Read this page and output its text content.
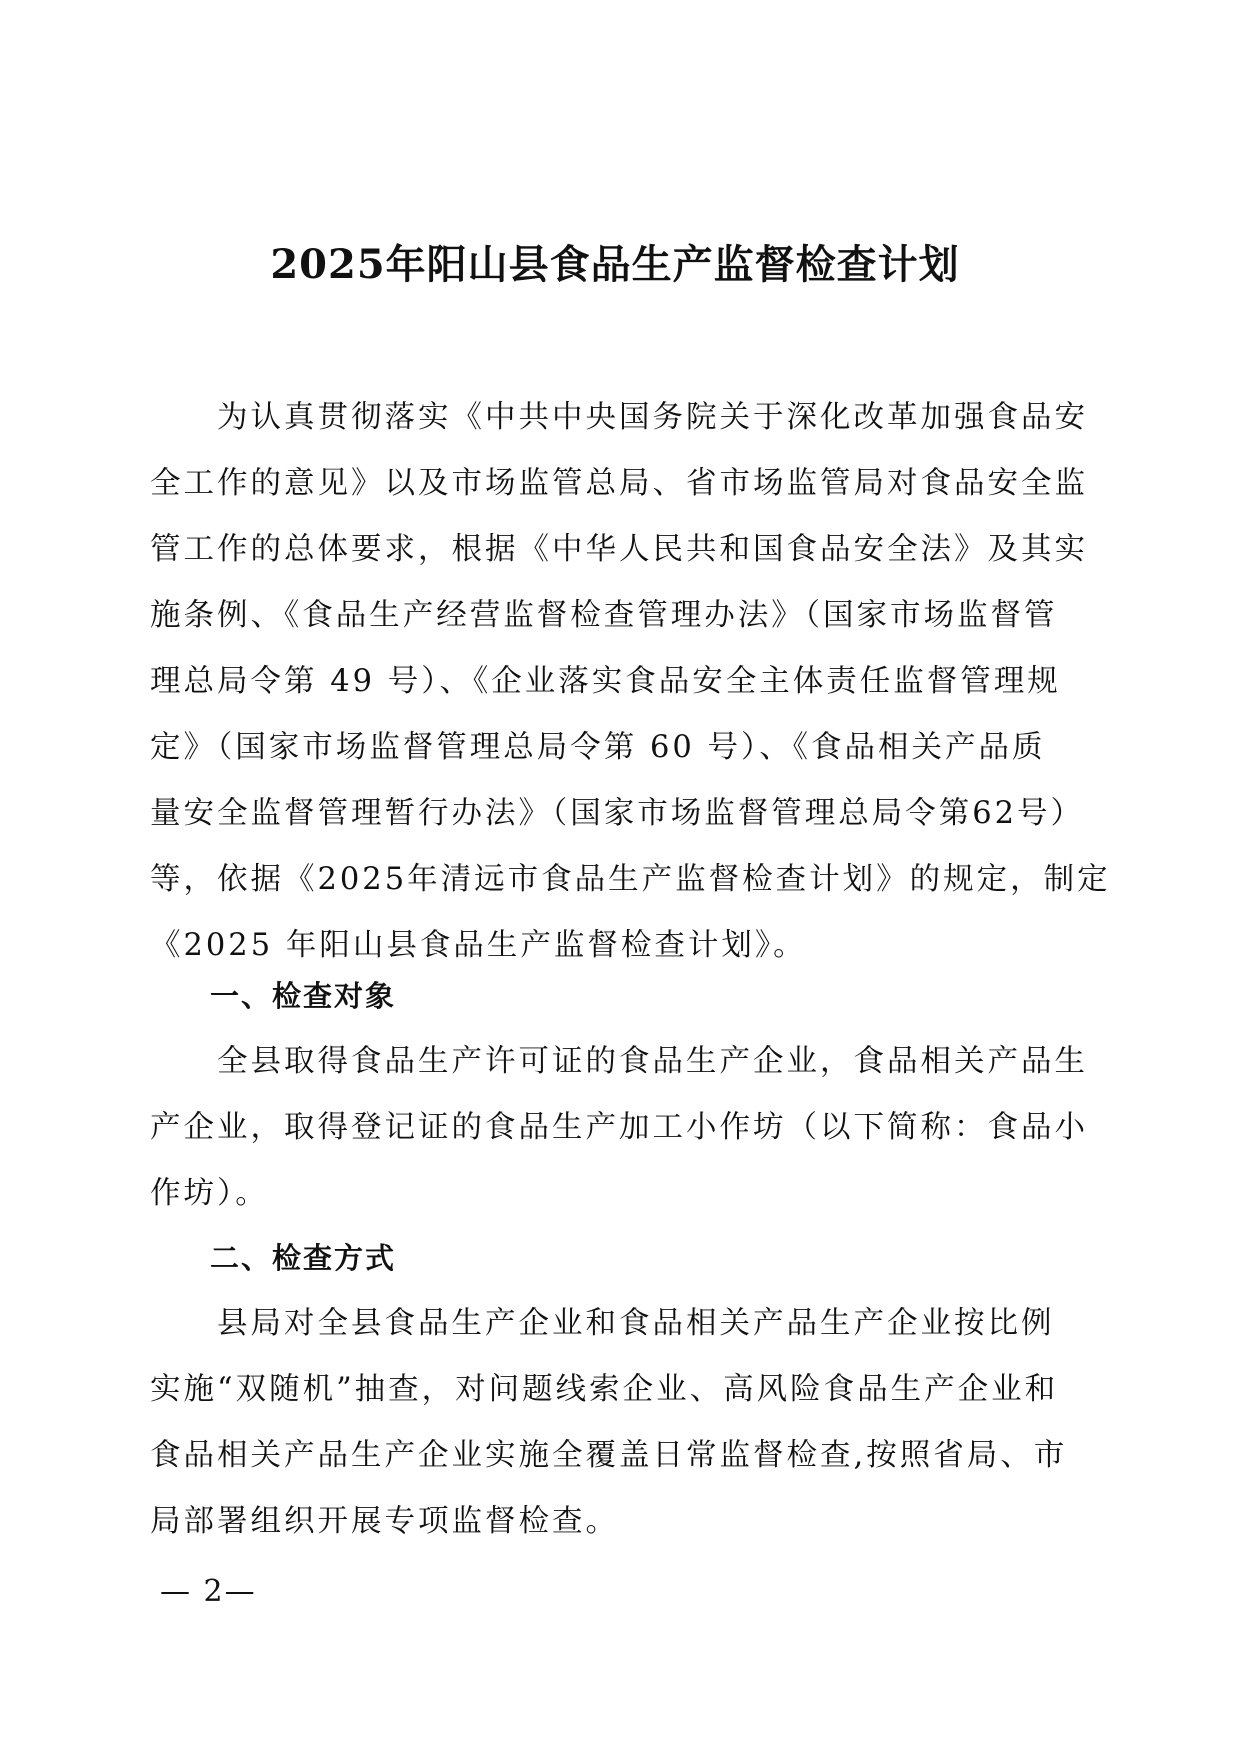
2025年阳山县食品生产监督检查计划
　　为认真贯彻落实《中共中央国务院关于深化改革加强食品安
全工作的意见》以及市场监管总局、省市场监管局对食品安全监
管工作的总体要求，根据《中华人民共和国食品安全法》及其实
施条例、《食品生产经营监督检查管理办法》（国家市场监督管
理总局令第 49 号）、《企业落实食品安全主体责任监督管理规
定》（国家市场监督管理总局令第 60 号）、《食品相关产品质
量安全监督管理暂行办法》（国家市场监督管理总局令第62号）
等，依据《2025年清远市食品生产监督检查计划》的规定，制定
《2025 年阳山县食品生产监督检查计划》。
一、检查对象
　　全县取得食品生产许可证的食品生产企业，食品相关产品生
产企业，取得登记证的食品生产加工小作坊（以下简称：食品小
作坊）。
二、检查方式
　　县局对全县食品生产企业和食品相关产品生产企业按比例
实施“双随机”抽查，对问题线索企业、高风险食品生产企业和
食品相关产品生产企业实施全覆盖日常监督检查,按照省局、市
局部署组织开展专项监督检查。
— 2—
